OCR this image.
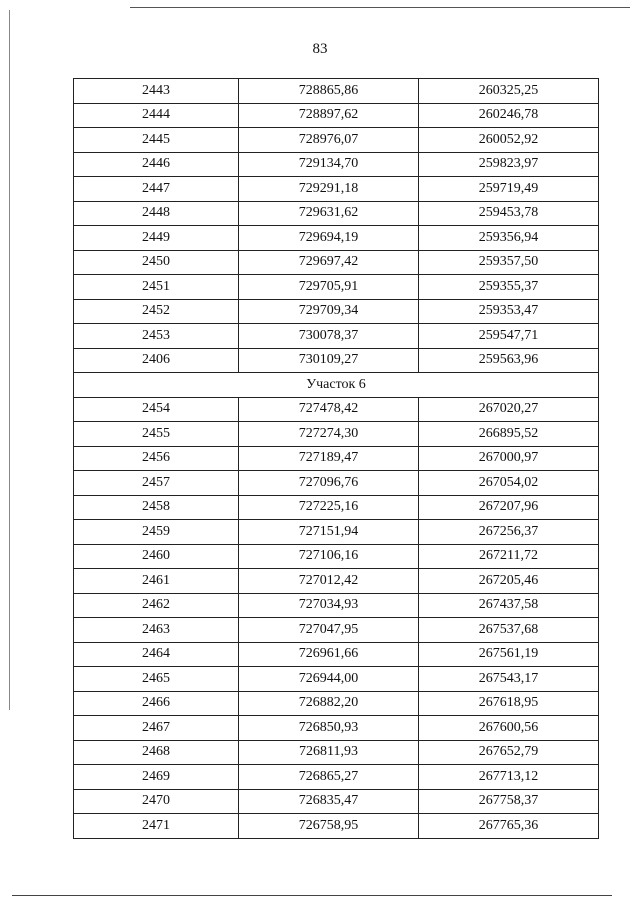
83
2443	728865,86	260325,25
2444	728897,62	260246,78
2445	728976,07	260052,92
2446	729134,70	259823,97
2447	729291,18	259719,49
2448	729631,62	259453,78
2449	729694,19	259356,94
2450	729697,42	259357,50
2451	729705,91	259355,37
2452	729709,34	259353,47
2453	730078,37	259547,71
2406	730109,27	259563,96
Участок 6		
2454	727478,42	267020,27
2455	727274,30	266895,52
2456	727189,47	267000,97
2457	727096,76	267054,02
2458	727225,16	267207,96
2459	727151,94	267256,37
2460	727106,16	267211,72
2461	727012,42	267205,46
2462	727034,93	267437,58
2463	727047,95	267537,68
2464	726961,66	267561,19
2465	726944,00	267543,17
2466	726882,20	267618,95
2467	726850,93	267600,56
2468	726811,93	267652,79
2469	726865,27	267713,12
2470	726835,47	267758,37
2471	726758,95	267765,36
